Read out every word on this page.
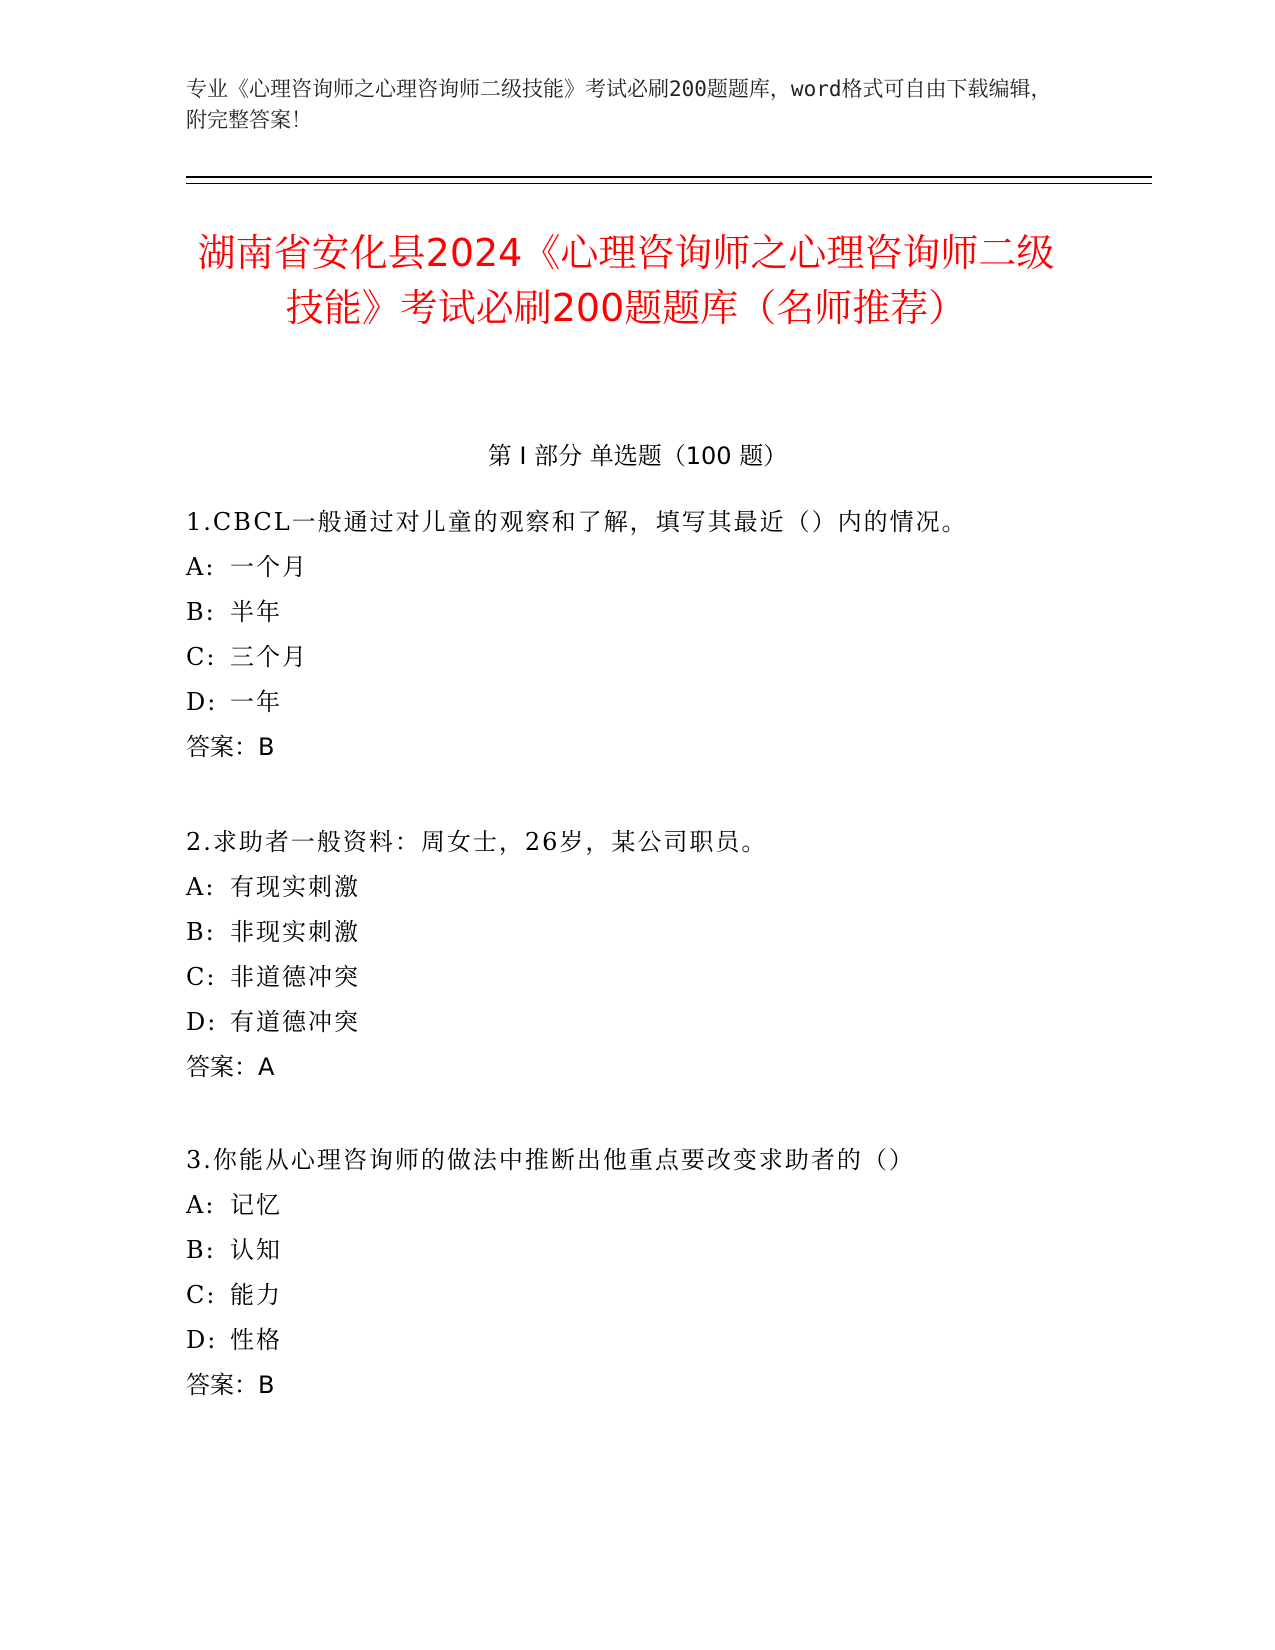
专业《心理咨询师之心理咨询师二级技能》考试必刷200题题库，word格式可自由下载编辑，附完整答案！
湖南省安化县2024《心理咨询师之心理咨询师二级技能》考试必刷200题题库（名师推荐）
第 I 部分 单选题（100 题）
1.CBCL一般通过对儿童的观察和了解，填写其最近（）内的情况。
A: 一个月
B: 半年
C: 三个月
D: 一年
答案：B
2.求助者一般资料：周女士，26岁，某公司职员。
A: 有现实刺激
B: 非现实刺激
C: 非道德冲突
D: 有道德冲突
答案：A
3.你能从心理咨询师的做法中推断出他重点要改变求助者的（）
A: 记忆
B: 认知
C: 能力
D: 性格
答案：B
